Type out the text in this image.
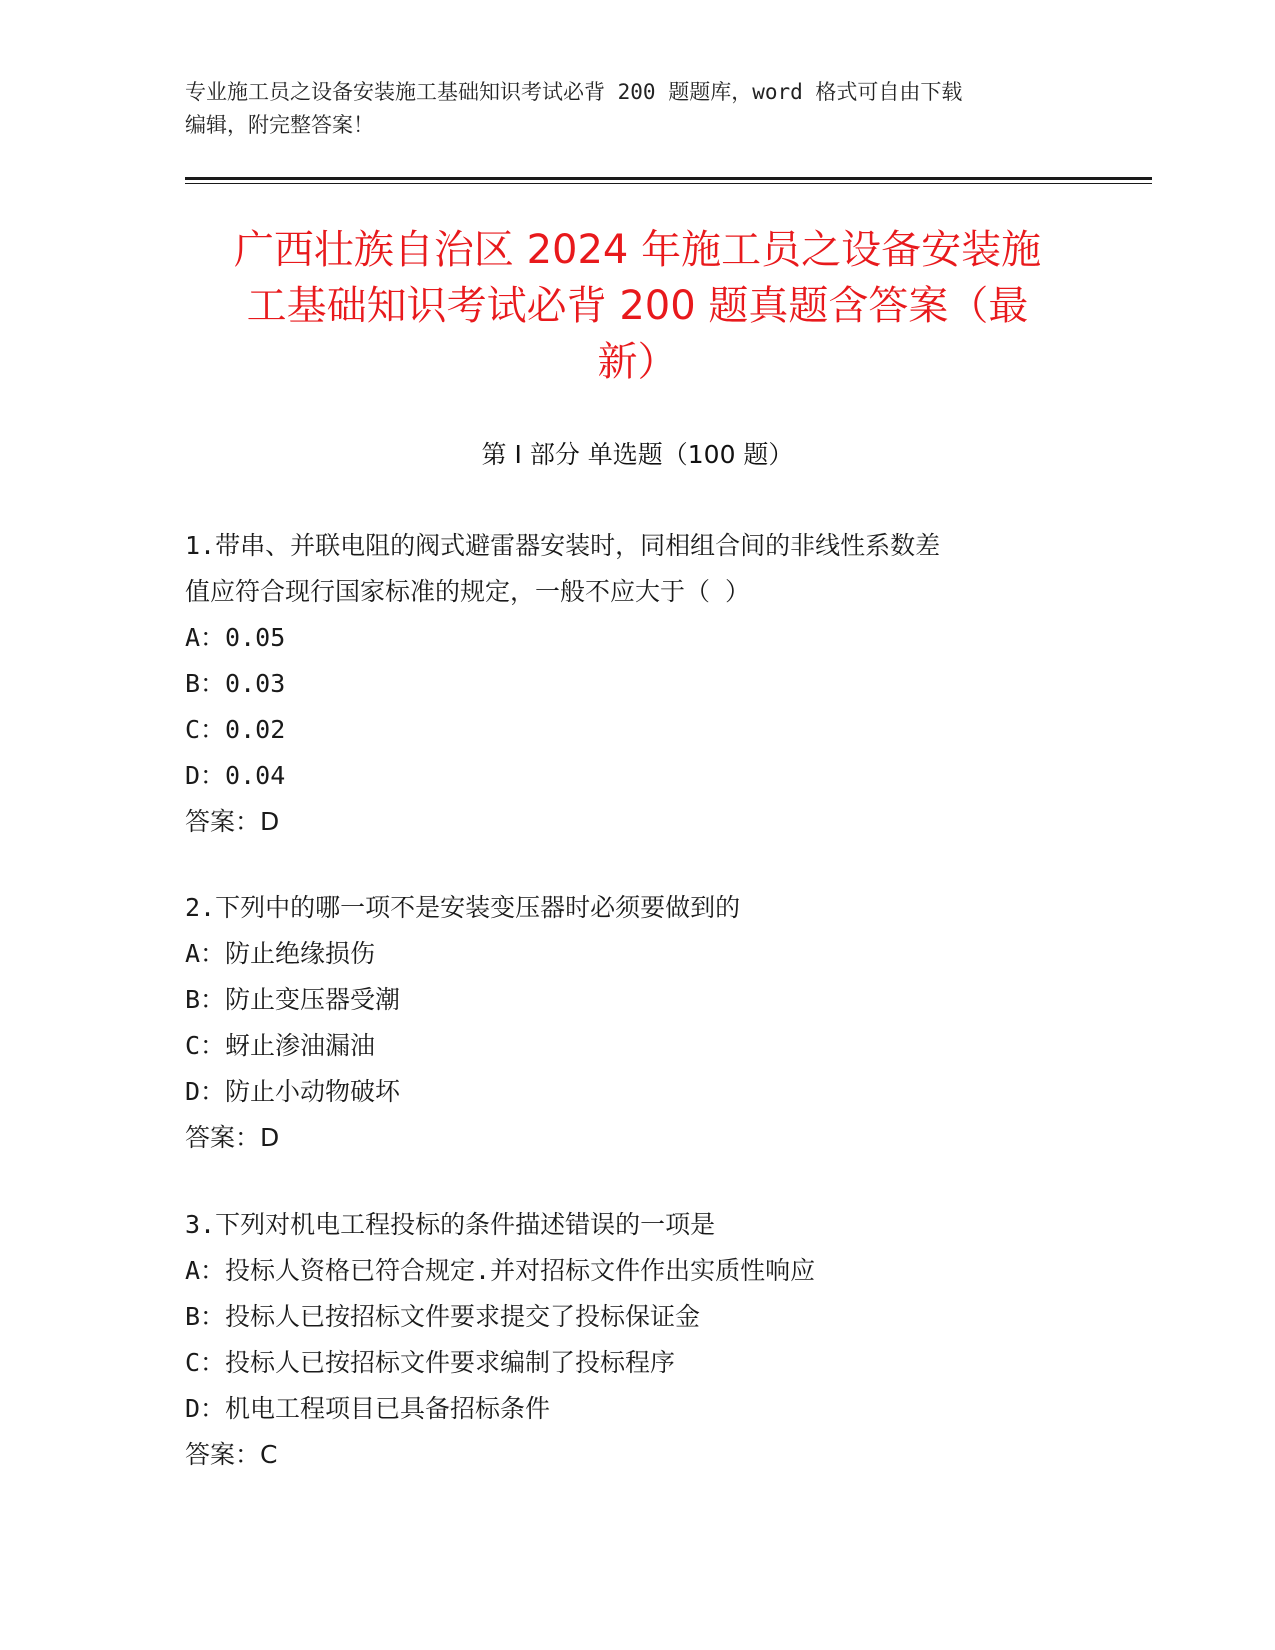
专业施工员之设备安装施工基础知识考试必背 200 题题库，word 格式可自由下载
编辑，附完整答案！
广西壮族自治区 2024 年施工员之设备安装施
工基础知识考试必背 200 题真题含答案（最
新）
第 I 部分 单选题（100 题）
1.带串、并联电阻的阀式避雷器安装时，同相组合间的非线性系数差
值应符合现行国家标准的规定，一般不应大于（ ）
A：0.05
B：0.03
C：0.02
D：0.04
答案：D
2.下列中的哪一项不是安装变压器时必须要做到的
A：防止绝缘损伤
B：防止变压器受潮
C：蚜止渗油漏油
D：防止小动物破坏
答案：D
3.下列对机电工程投标的条件描述错误的一项是
A：投标人资格已符合规定.并对招标文件作出实质性响应
B：投标人已按招标文件要求提交了投标保证金
C：投标人已按招标文件要求编制了投标程序
D：机电工程项目已具备招标条件
答案：C
